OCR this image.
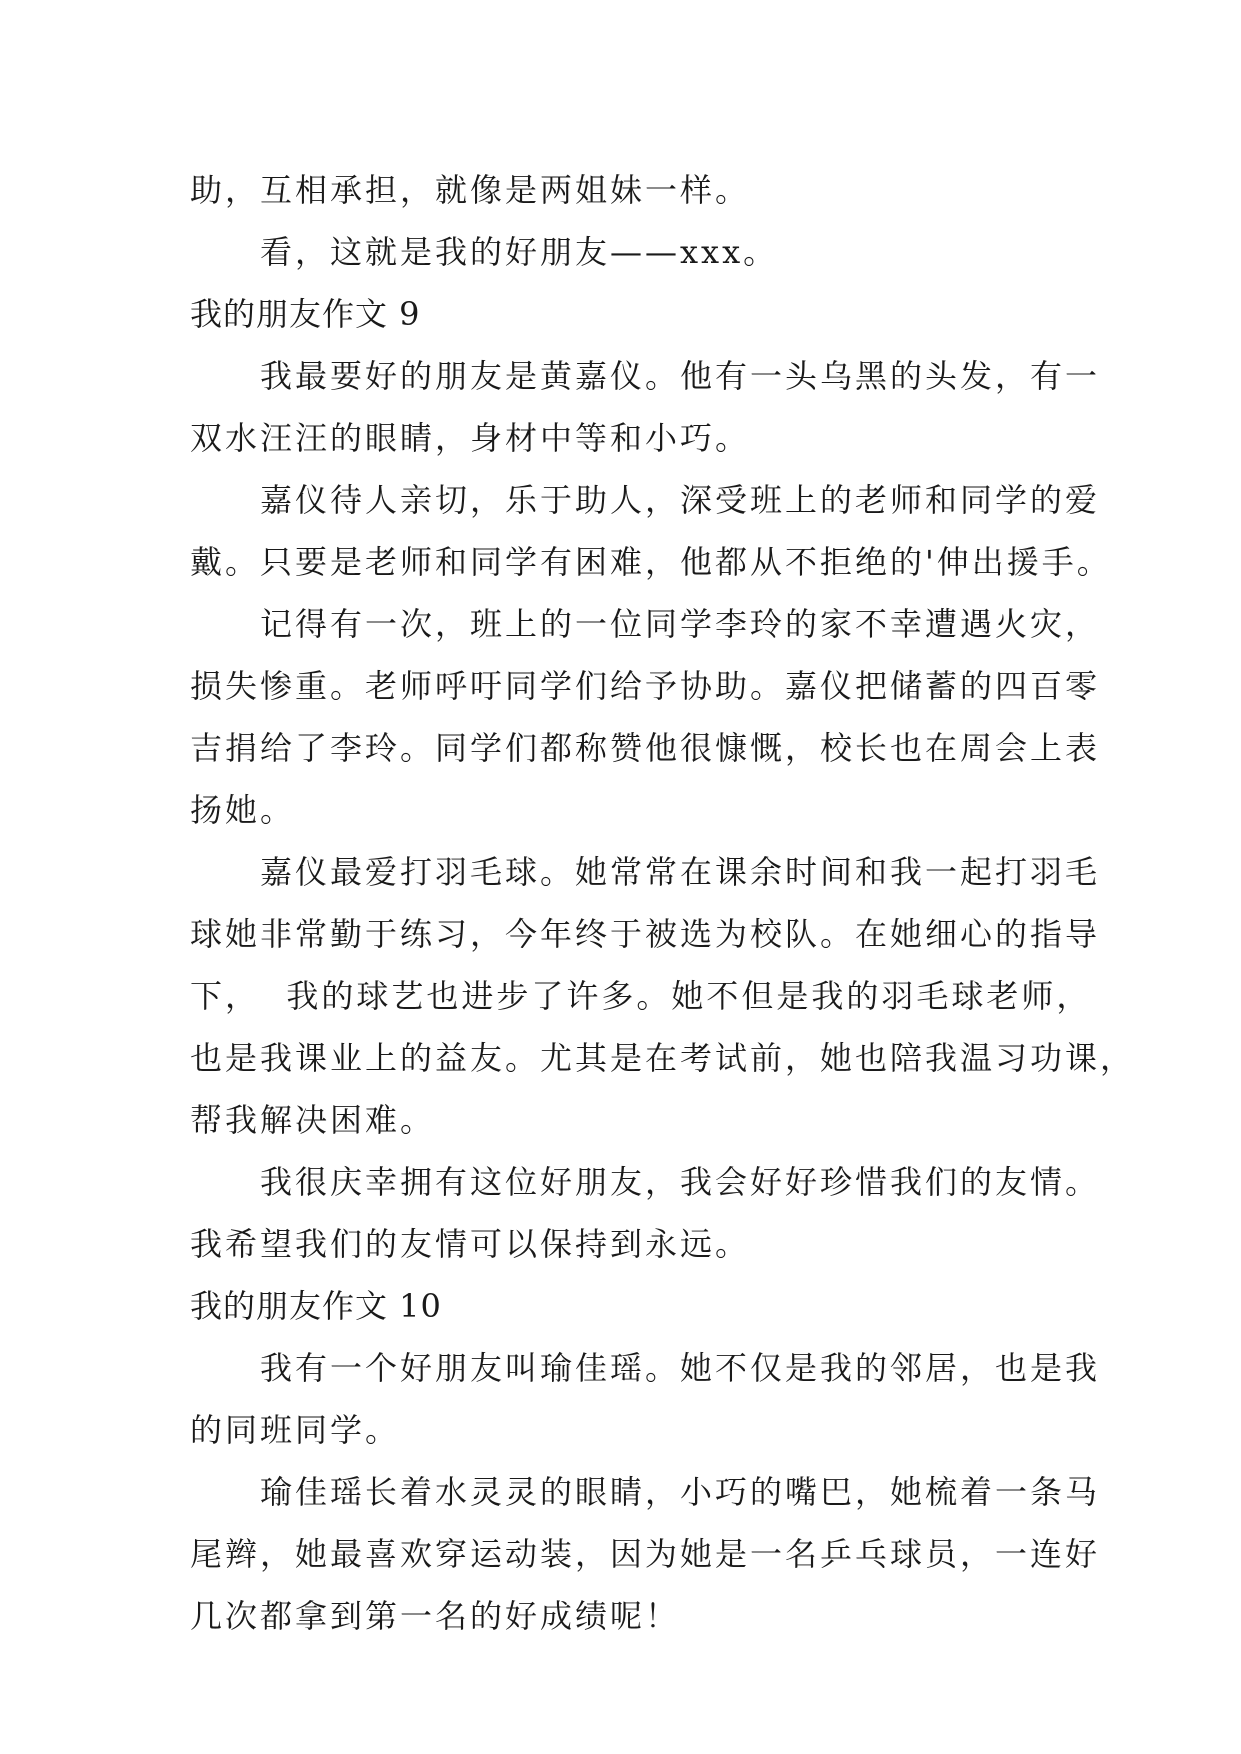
助，互相承担，就像是两姐妹一样。
看，这就是我的好朋友——xxx。
我的朋友作文 9
我最要好的朋友是黄嘉仪。他有一头乌黑的头发，有一
双水汪汪的眼睛，身材中等和小巧。
嘉仪待人亲切，乐于助人，深受班上的老师和同学的爱
戴。只要是老师和同学有困难，他都从不拒绝的'伸出援手。
记得有一次，班上的一位同学李玲的家不幸遭遇火灾，
损失惨重。老师呼吁同学们给予协助。嘉仪把储蓄的四百零
吉捐给了李玲。同学们都称赞他很慷慨，校长也在周会上表
扬她。
嘉仪最爱打羽毛球。她常常在课余时间和我一起打羽毛
球她非常勤于练习，今年终于被选为校队。在她细心的指导
下，  我的球艺也进步了许多。她不但是我的羽毛球老师，
也是我课业上的益友。尤其是在考试前，她也陪我温习功课，
帮我解决困难。
我很庆幸拥有这位好朋友，我会好好珍惜我们的友情。
我希望我们的友情可以保持到永远。
我的朋友作文 10
我有一个好朋友叫瑜佳瑶。她不仅是我的邻居，也是我
的同班同学。
瑜佳瑶长着水灵灵的眼睛，小巧的嘴巴，她梳着一条马
尾辫，她最喜欢穿运动装，因为她是一名乒乓球员，一连好
几次都拿到第一名的好成绩呢！
